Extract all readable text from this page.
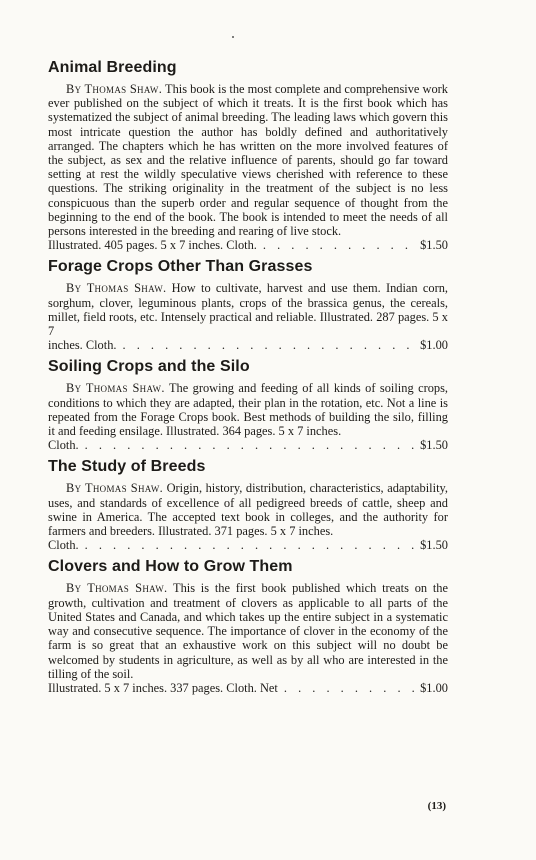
Animal Breeding

By Thomas Shaw. This book is the most complete and comprehensive work ever published on the subject of which it treats. It is the first book which has systematized the subject of animal breeding. The leading laws which govern this most intricate question the author has boldly defined and authoritatively arranged. The chapters which he has written on the more involved features of the subject, as sex and the relative influence of parents, should go far toward setting at rest the wildly speculative views cherished with reference to these questions. The striking originality in the treatment of the subject is no less conspicuous than the superb order and regular sequence of thought from the beginning to the end of the book. The book is intended to meet the needs of all persons interested in the breeding and rearing of live stock.

Illustrated. 405 pages. 5 x 7 inches. Cloth. . . .	$1.50
Forage Crops Other Than Grasses

By Thomas Shaw. How to cultivate, harvest and use them. Indian corn, sorghum, clover, leguminous plants, crops of the brassica genus, the cereals, millet, field roots, etc. Intensely practical and reliable. Illustrated. 287 pages. 5 x 7

inches. Cloth. . . .	$1.00
Soiling Crops and the Silo

By Thomas Shaw. The growing and feeding of all kinds of soiling crops, conditions to which they are adapted, their plan in the rotation, etc. Not a line is repeated from the Forage Crops book. Best methods of building the silo, filling it and feeding ensilage. Illustrated. 364 pages. 5 x 7 inches.

Cloth. . . .	$1.50
The Study of Breeds

By Thomas Shaw. Origin, history, distribution, characteristics, adaptability, uses, and standards of excellence of all pedigreed breeds of cattle, sheep and swine in America. The accepted text book in colleges, and the authority for farmers and breeders. Illustrated. 371 pages. 5 x 7 inches.

Cloth. . . .	$1.50
Clovers and How to Grow Them

By Thomas Shaw. This is the first book published which treats on the growth, cultivation and treatment of clovers as applicable to all parts of the United States and Canada, and which takes up the entire subject in a systematic way and consecutive sequence. The importance of clover in the economy of the farm is so great that an exhaustive work on this subject will no doubt be welcomed by students in agriculture, as well as by all who are interested in the tilling of the soil.

Illustrated. 5 x 7 inches. 337 pages. Cloth. Net . . .	$1.00
(13)
